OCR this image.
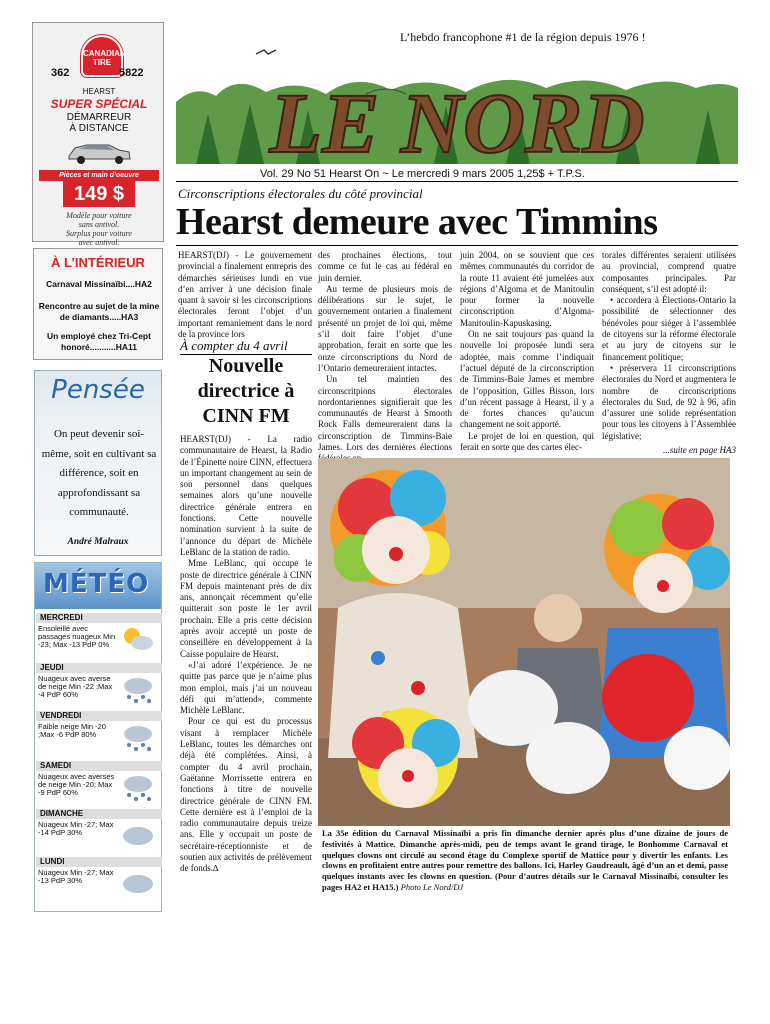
CANADIAN TIRE
362	5822
HEARST
SUPER SPÉCIAL
DÉMARREUR
À DISTANCE
Pièces et main d’oeuvre
149 $
Modèle pour voiture
sans antivol.
Surplus pour voiture
avec antivol.
À L’INTÉRIEUR
Carnaval Missinaïbi....HA2
Rencontre au sujet de la mine de diamants.....HA3
Un employé chez Tri-Cept honoré...........HA11
Pensée
On peut devenir soi-même, soit en cultivant sa différence, soit en approfondissant sa communauté.
André Malraux
MÉTÉO
MERCREDI
Ensoleillé avec passages nuageux Min -23; Max -13 PdP 0%
JEUDI
Nuageux avec averse de neige Min -22 ;Max -4 PdP 60%
VENDREDI
Faible neige Min -20 ;Max -6 PdP 80%
SAMEDI
Nuageux avec averses de neige Min -20; Max -9 PdP 60%
DIMANCHE
Nuageux Min -27; Max -14 PdP 30%
LUNDI
Nuageux Min -27; Max -13 PdP 30%
L’hebdo francophone #1 de la région depuis 1976 !
LE NORD
Vol. 29 No 51 Hearst On ~ Le mercredi 9 mars 2005 1,25$ + T.P.S.
Circonscriptions électorales du côté provincial
Hearst demeure avec Timmins

HEARST(DJ) - Le gouvernement provincial a finalement entrepris des démarches sérieuses lundi en vue d’en arriver à une décision finale quant à savoir si les circonscriptions électorales feront l’objet d’un important remaniement dans le nord de la province lors

À compter du 4 avril
Nouvelle directrice à CINN FM

HEARST(DJ) - La radio communautaire de Hearst, la Radio de l’Épinette noire CINN, effectuera un important changement au sein de son personnel dans quelques semaines alors qu’une nouvelle directrice générale entrera en fonctions. Cette nouvelle nomination survient à la suite de l’annonce du départ de Michèle LeBlanc de la station de radio.

Mme LeBlanc, qui occupe le poste de directrice générale à CINN FM depuis maintenant près de dix ans, annonçait récemment qu’elle quitterait son poste le 1er avril prochain. Elle a pris cette décision après avoir accepté un poste de conseillère en développement à la Caisse populaire de Hearst.

«J’ai adoré l’expérience. Je ne quitte pas parce que je n’aime plus mon emploi, mais j’ai un nouveau défi qui m’attend», commente Michèle LeBlanc.

Pour ce qui est du processus visant à remplacer Michèle LeBlanc, toutes les démarches ont déjà été complétées. Ainsi, à compter du 4 avril prochain, Gaëtanne Morrissette entrera en fonctions à titre de nouvelle directrice générale de CINN FM. Cette dernière est à l’emploi de la radio communautaire depuis treize ans. Elle y occupait un poste de secrétaire-réceptionniste et de soutien aux activités de prélèvement de fonds.∆

des prochaines élections, tout comme ce fut le cas au fédéral en juin dernier.

Au terme de plusieurs mois de délibérations sur le sujet, le gouvernement ontarien a finalement présenté un projet de loi qui, même s’il doit faire l’objet d’une approbation, ferait en sorte que les onze circonscriptions du Nord de l’Ontario demeureraient intactes.

Un tel maintien des circonscritpions électorales nordontariennes signifierait que les communautés de Hearst à Smooth Rock Falls demeureraient dans la circonscription de Timmins-Baie James. Lors des dernières élections

juin 2004, on se souvient que ces mêmes communautés du corridor de la route 11 avaient été jumelées aux régions d’Algoma et de Manitoulin pour former la nouvelle circonscription d’Algoma-Manitoulin-Kapuskasing.

On ne sait toujours pas quand la nouvelle loi proposée lundi sera adoptée, mais comme l’indiquait l’actuel député de la circonscription de Timmins-Baie James et membre de l’opposition, Gilles Bisson, lors d’un récent passage à Hearst, il y a de fortes chances qu’aucun changement ne soit apporté.

Le projet de loi en question, qui ferait en sorte que des cartes élec-

torales différentes seraient utilisées au provincial, comprend quatre composantes principales. Par conséquent, s’il est adopté il:

• accordera à Élections-Ontario la possibilité de sélectionner des bénévoles pour siéger à l’assemblée de citoyens sur la réforme électorale et au jury de citoyens sur le financement politique;

• préservera 11 circonscriptions électorales du Nord et augmentera le nombre de circonscriptions électorales du Sud, de 92 à 96, afin d’assurer une solide représentation pour tous les citoyens à l’Assemblée législative;

...suite en page HA3
La 35e édition du Carnaval Missinaïbi a pris fin dimanche dernier après plus d’une dizaine de jours de festivités à Mattice. Dimanche après-midi, peu de temps avant le grand tirage, le Bonhomme Carnaval et quelques clowns ont circulé au second étage du Complexe sportif de Mattice pour y divertir les enfants. Les clowns en profitaient entre autres pour remettre des ballons. Ici, Harley Gaudreault, âgé d’un an et demi, passe quelques instants avec les clowns en question. (Pour d’autres détails sur le Carnaval Missinaïbi, consulter les pages HA2 et HA15.) Photo Le Nord/DJ
